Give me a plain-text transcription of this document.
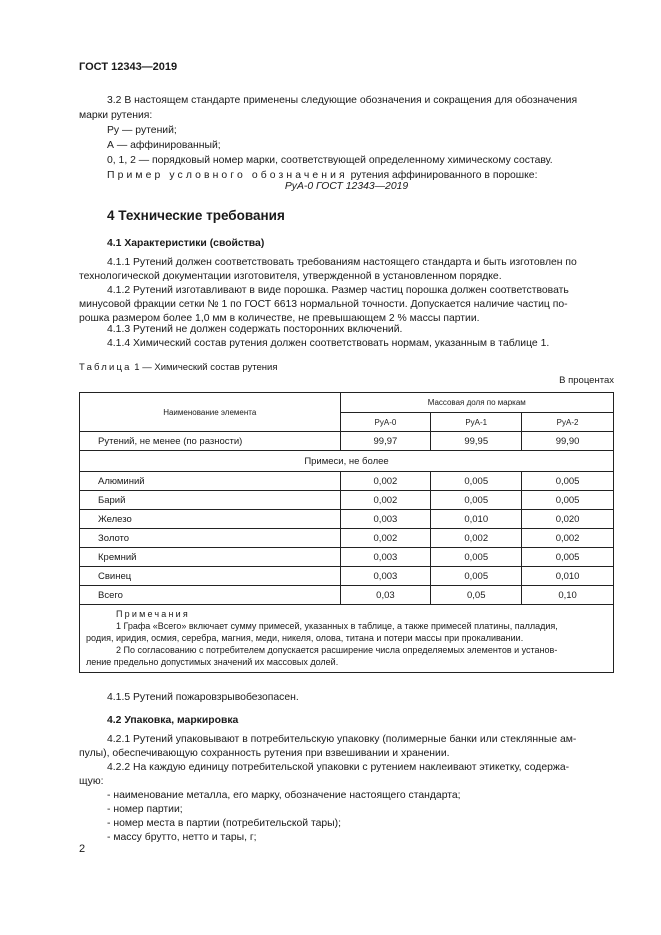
ГОСТ 12343—2019
3.2 В настоящем стандарте применены следующие обозначения и сокращения для обозначения
марки рутения:
Ру — рутений;
А — аффинированный;
0, 1, 2 — порядковый номер марки, соответствующей определенному химическому составу.
Пример условного обозначения рутения аффинированного в порошке:
РуА-0 ГОСТ 12343—2019
4 Технические требования
4.1 Характеристики (свойства)
4.1.1 Рутений должен соответствовать требованиям настоящего стандарта и быть изготовлен по
технологической документации изготовителя, утвержденной в установленном порядке.
4.1.2 Рутений изготавливают в виде порошка. Размер частиц порошка должен соответствовать
минусовой фракции сетки № 1 по ГОСТ 6613 нормальной точности. Допускается наличие частиц по-
рошка размером более 1,0 мм в количестве, не превышающем 2 % массы партии.
4.1.3 Рутений не должен содержать посторонних включений.
4.1.4 Химический состав рутения должен соответствовать нормам, указанным в таблице 1.
Таблица 1 — Химический состав рутения
В процентах
Наименование элемента	Массовая доля по маркам		
	РуА-0	РуА-1	РуА-2
Рутений, не менее (по разности)	99,97	99,95	99,90
Примеси, не более			
Алюминий	0,002	0,005	0,005
Барий	0,002	0,005	0,005
Железо	0,003	0,010	0,020
Золото	0,002	0,002	0,002
Кремний	0,003	0,005	0,005
Свинец	0,003	0,005	0,010
Всего	0,03	0,05	0,10

Примечания
1 Графа «Всего» включает сумму примесей, указанных в таблице, а также примесей платины, палладия,
родия, иридия, осмия, серебра, магния, меди, никеля, олова, титана и потери массы при прокаливании.
2 По согласованию с потребителем допускается расширение числа определяемых элементов и установ-
ление предельно допустимых значений их массовых долей.			
4.1.5 Рутений пожаровзрывобезопасен.
4.2 Упаковка, маркировка
4.2.1 Рутений упаковывают в потребительскую упаковку (полимерные банки или стеклянные ам-
пулы), обеспечивающую сохранность рутения при взвешивании и хранении.
4.2.2 На каждую единицу потребительской упаковки с рутением наклеивают этикетку, содержа-
щую:
- наименование металла, его марку, обозначение настоящего стандарта;
- номер партии;
- номер места в партии (потребительской тары);
- массу брутто, нетто и тары, г;
2
